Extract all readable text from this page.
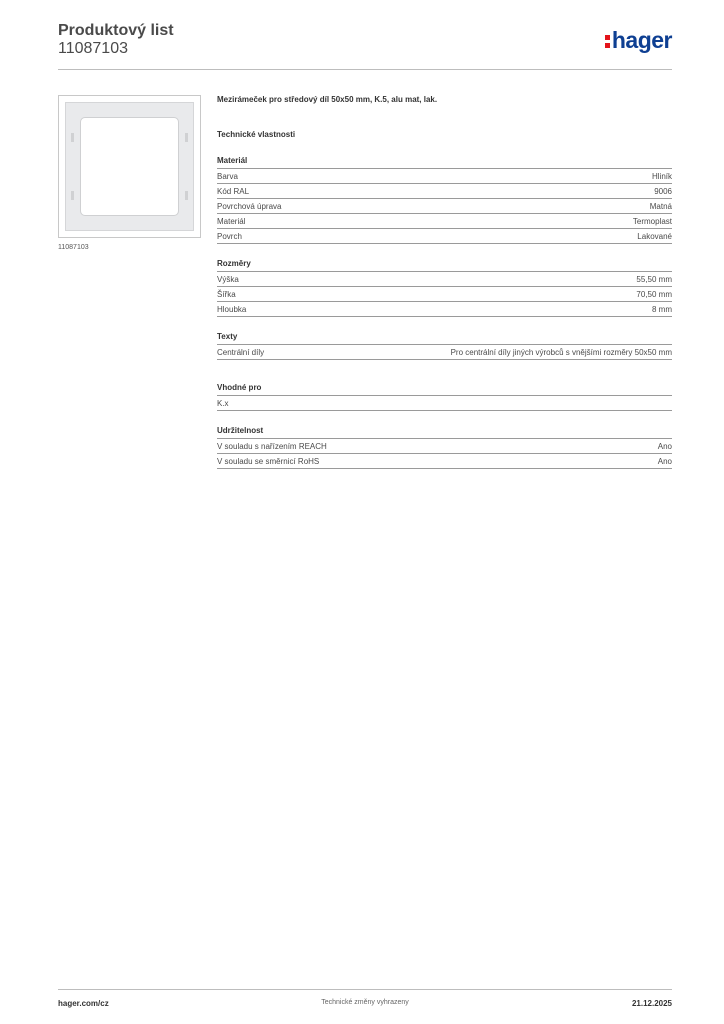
Produktový list
11087103	hager
11087103
Mezirámeček pro středový díl 50x50 mm, K.5, alu mat, lak.
Technické vlastnosti
Materiál
Barva	Hliník
Kód RAL	9006
Povrchová úprava	Matná
Materiál	Termoplast
Povrch	Lakované
Rozměry
Výška	55,50 mm
Šířka	70,50 mm
Hloubka	8 mm
Texty
Centrální díly	Pro centrální díly jiných výrobců s vnějšími rozměry 50x50 mm
Vhodné pro
K.x
Udržitelnost
V souladu s nařízením REACH	Ano
V souladu se směrnicí RoHS	Ano
hager.com/cz	Technické změny vyhrazeny	21.12.2025
